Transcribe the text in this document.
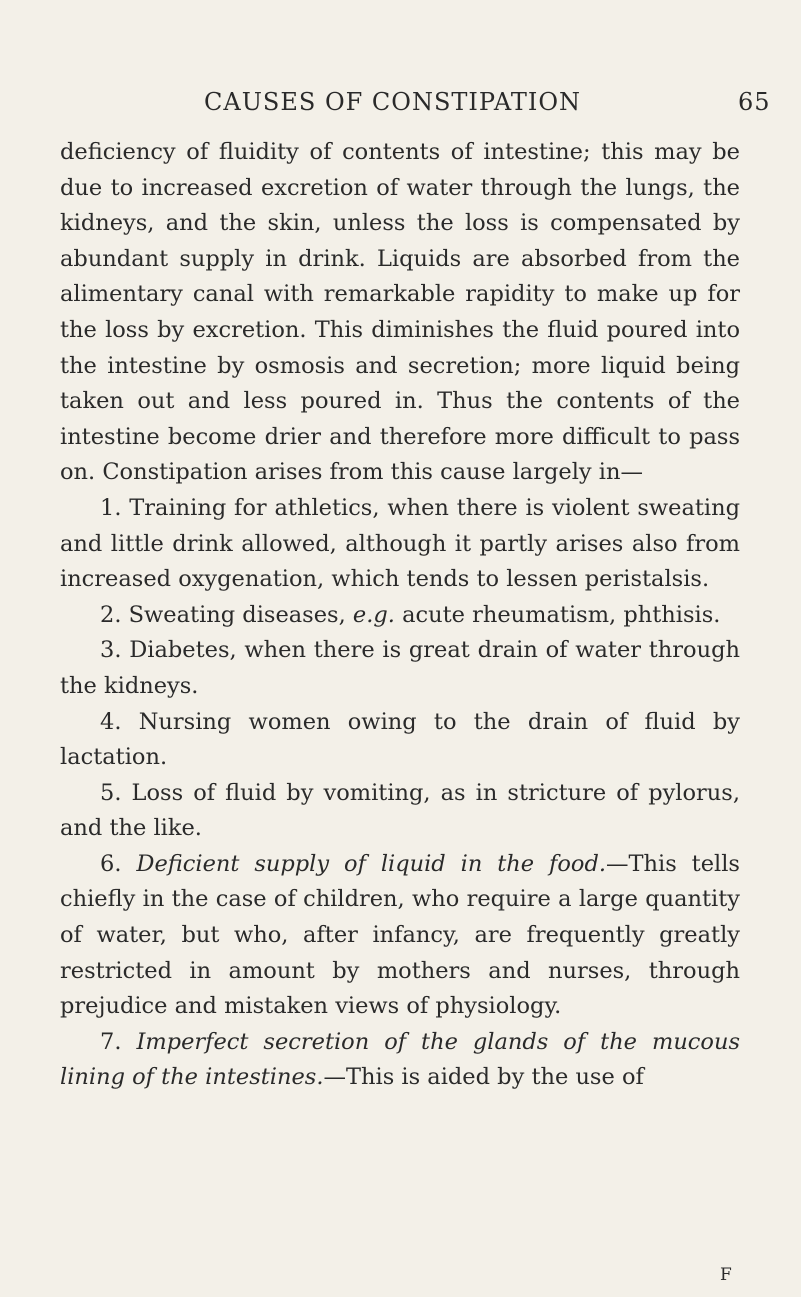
CAUSES OF CONSTIPATION	65

deficiency of fluidity of contents of intestine; this may be due to increased excretion of water through the lungs, the kidneys, and the skin, unless the loss is compensated by abundant supply in drink. Liquids are absorbed from the alimentary canal with remarkable rapidity to make up for the loss by excretion. This diminishes the fluid poured into the intestine by osmosis and secretion; more liquid being taken out and less poured in. Thus the contents of the intestine become drier and therefore more difficult to pass on. Constipation arises from this cause largely in—

1. Training for athletics, when there is violent sweating and little drink allowed, although it partly arises also from increased oxygenation, which tends to lessen peristalsis.

2. Sweating diseases, e.g. acute rheumatism, phthisis.

3. Diabetes, when there is great drain of water through the kidneys.

4. Nursing women owing to the drain of fluid by lactation.

5. Loss of fluid by vomiting, as in stricture of pylorus, and the like.

6. Deficient supply of liquid in the food.—This tells chiefly in the case of children, who require a large quantity of water, but who, after infancy, are frequently greatly restricted in amount by mothers and nurses, through prejudice and mistaken views of physiology.

7. Imperfect secretion of the glands of the mucous lining of the intestines.—This is aided by the use of

F
